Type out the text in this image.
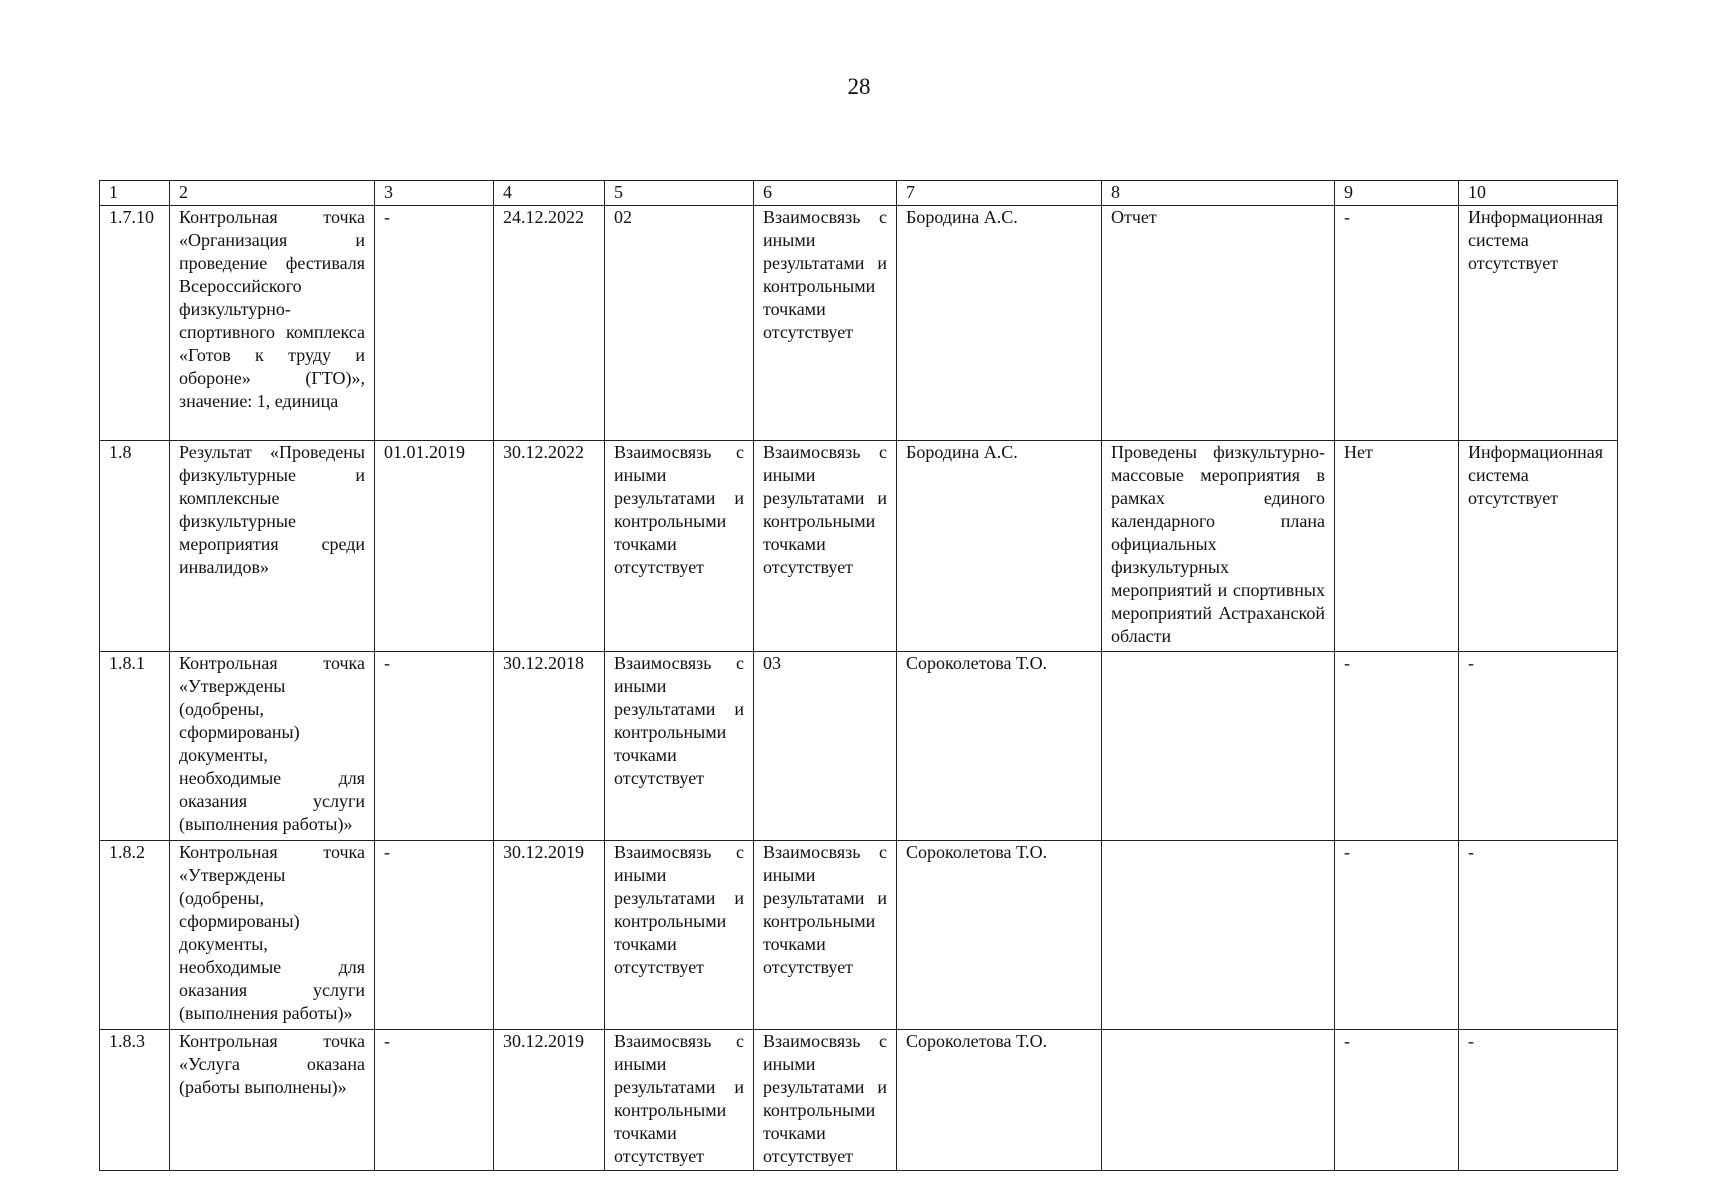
28
1	2	3	4	5	6	7	8	9	10
1.7.10	Контрольная точка «Организация и проведение фестиваля Всероссийского физкультурно-спортивного комплекса «Готов к труду и обороне» (ГТО)», значение: 1, единица	-	24.12.2022	02	Взаимосвязь с иными результатами и контрольными точками отсутствует	Бородина А.С.	Отчет	-	Информационная система отсутствует
1.8	Результат «Проведены физкультурные и комплексные физкультурные мероприятия среди инвалидов»	01.01.2019	30.12.2022	Взаимосвязь с иными результатами и контрольными точками отсутствует	Взаимосвязь с иными результатами и контрольными точками отсутствует	Бородина А.С.	Проведены физкультурно-массовые мероприятия в рамках единого календарного плана официальных физкультурных мероприятий и спортивных мероприятий Астраханской области	Нет	Информационная система отсутствует
1.8.1	Контрольная точка «Утверждены (одобрены, сформированы) документы, необходимые для оказания услуги (выполнения работы)»	-	30.12.2018	Взаимосвязь с иными результатами и контрольными точками отсутствует	03	Сороколетова Т.О.		-	-
1.8.2	Контрольная точка «Утверждены (одобрены, сформированы) документы, необходимые для оказания услуги (выполнения работы)»	-	30.12.2019	Взаимосвязь с иными результатами и контрольными точками отсутствует	Взаимосвязь с иными результатами и контрольными точками отсутствует	Сороколетова Т.О.		-	-
1.8.3	Контрольная точка «Услуга оказана (работы выполнены)»	-	30.12.2019	Взаимосвязь с иными результатами и контрольными точками отсутствует	Взаимосвязь с иными результатами и контрольными точками отсутствует	Сороколетова Т.О.		-	-
